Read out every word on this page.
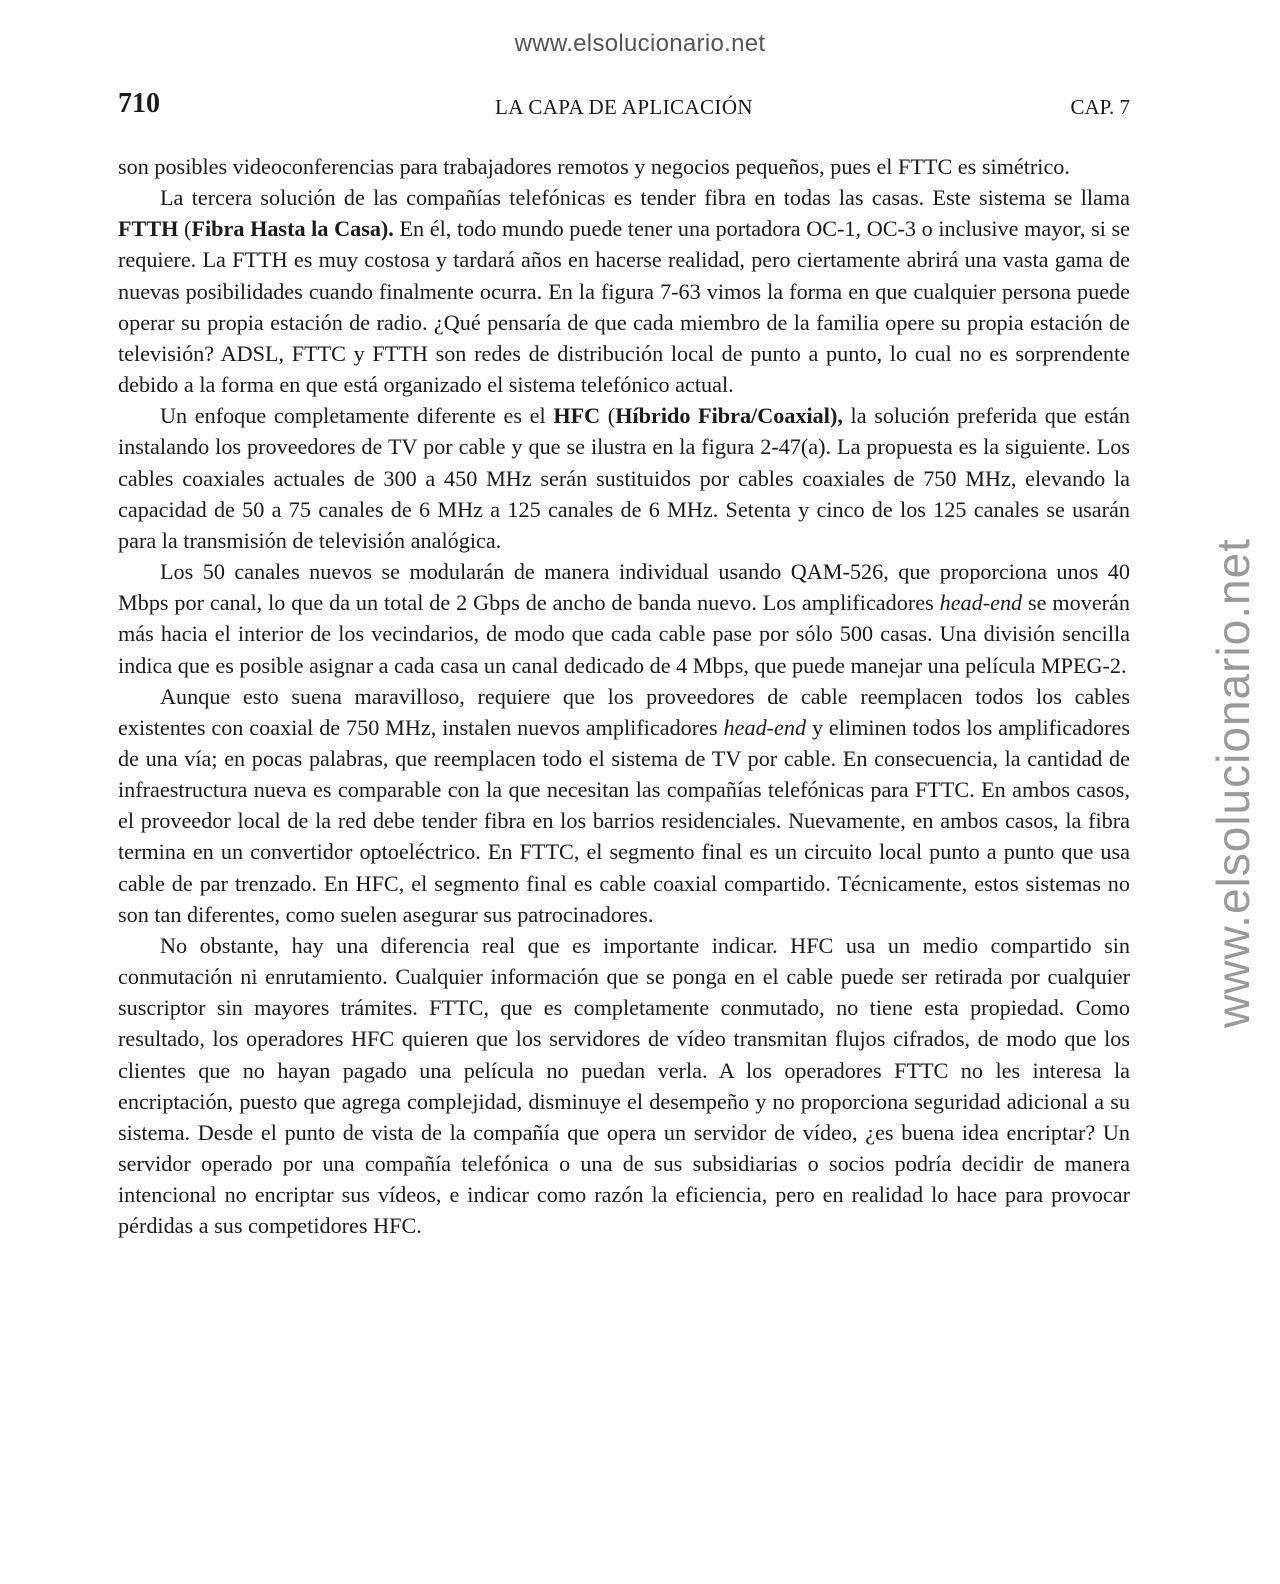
www.elsolucionario.net
www.elsolucionario.net
710	LA CAPA DE APLICACIÓN	CAP. 7

son posibles videoconferencias para trabajadores remotos y negocios pequeños, pues el FTTC es simétrico.

La tercera solución de las compañías telefónicas es tender fibra en todas las casas. Este sistema se llama FTTH (Fibra Hasta la Casa). En él, todo mundo puede tener una portadora OC-1, OC-3 o inclusive mayor, si se requiere. La FTTH es muy costosa y tardará años en hacerse realidad, pero ciertamente abrirá una vasta gama de nuevas posibilidades cuando finalmente ocurra. En la figura 7-63 vimos la forma en que cualquier persona puede operar su propia estación de radio. ¿Qué pensaría de que cada miembro de la familia opere su propia estación de televisión? ADSL, FTTC y FTTH son redes de distribución local de punto a punto, lo cual no es sorprendente debido a la forma en que está organizado el sistema telefónico actual.

Un enfoque completamente diferente es el HFC (Híbrido Fibra/Coaxial), la solución preferida que están instalando los proveedores de TV por cable y que se ilustra en la figura 2-47(a). La propuesta es la siguiente. Los cables coaxiales actuales de 300 a 450 MHz serán sustituidos por cables coaxiales de 750 MHz, elevando la capacidad de 50 a 75 canales de 6 MHz a 125 canales de 6 MHz. Setenta y cinco de los 125 canales se usarán para la transmisión de televisión analógica.

Los 50 canales nuevos se modularán de manera individual usando QAM-526, que proporciona unos 40 Mbps por canal, lo que da un total de 2 Gbps de ancho de banda nuevo. Los amplificadores head-end se moverán más hacia el interior de los vecindarios, de modo que cada cable pase por sólo 500 casas. Una división sencilla indica que es posible asignar a cada casa un canal dedicado de 4 Mbps, que puede manejar una película MPEG-2.

Aunque esto suena maravilloso, requiere que los proveedores de cable reemplacen todos los cables existentes con coaxial de 750 MHz, instalen nuevos amplificadores head-end y eliminen todos los amplificadores de una vía; en pocas palabras, que reemplacen todo el sistema de TV por cable. En consecuencia, la cantidad de infraestructura nueva es comparable con la que necesitan las compañías telefónicas para FTTC. En ambos casos, el proveedor local de la red debe tender fibra en los barrios residenciales. Nuevamente, en ambos casos, la fibra termina en un convertidor optoeléctrico. En FTTC, el segmento final es un circuito local punto a punto que usa cable de par trenzado. En HFC, el segmento final es cable coaxial compartido. Técnicamente, estos sistemas no son tan diferentes, como suelen asegurar sus patrocinadores.

No obstante, hay una diferencia real que es importante indicar. HFC usa un medio compartido sin conmutación ni enrutamiento. Cualquier información que se ponga en el cable puede ser retirada por cualquier suscriptor sin mayores trámites. FTTC, que es completamente conmutado, no tiene esta propiedad. Como resultado, los operadores HFC quieren que los servidores de vídeo transmitan flujos cifrados, de modo que los clientes que no hayan pagado una película no puedan verla. A los operadores FTTC no les interesa la encriptación, puesto que agrega complejidad, disminuye el desempeño y no proporciona seguridad adicional a su sistema. Desde el punto de vista de la compañía que opera un servidor de vídeo, ¿es buena idea encriptar? Un servidor operado por una compañía telefónica o una de sus subsidiarias o socios podría decidir de manera intencional no encriptar sus vídeos, e indicar como razón la eficiencia, pero en realidad lo hace para provocar pérdidas a sus competidores HFC.
